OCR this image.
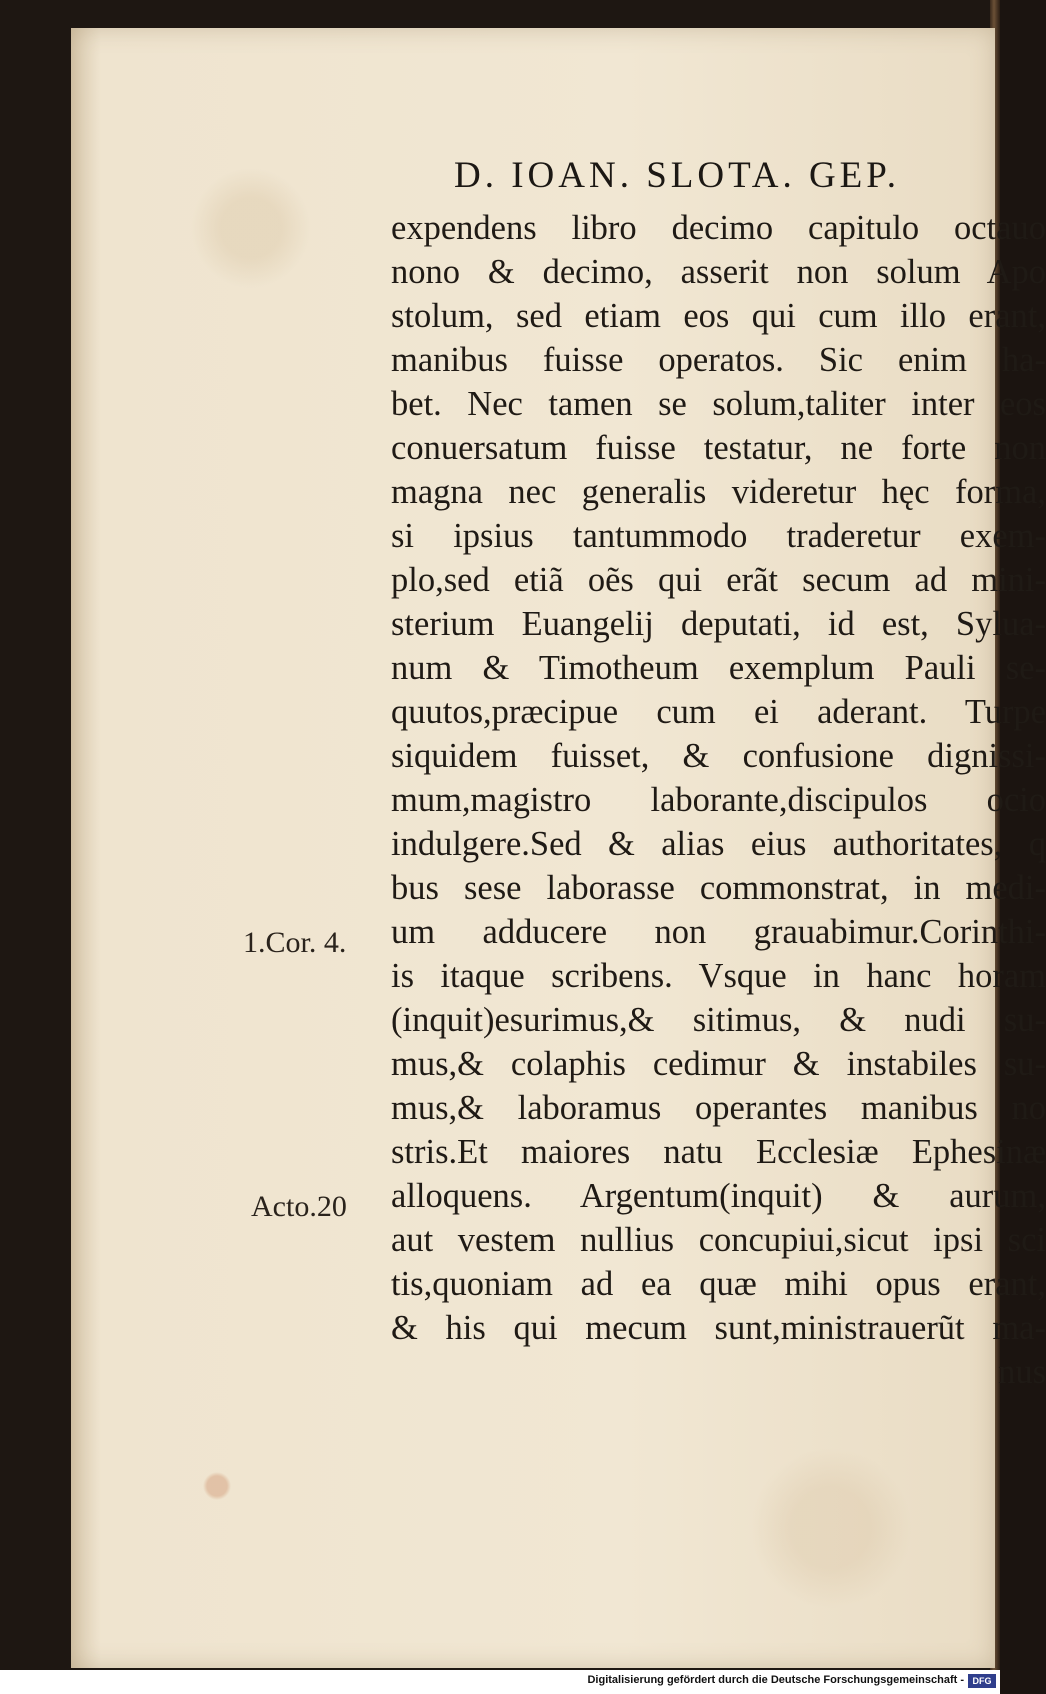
D. IOAN. SLOTA. GEP.
1.Cor. 4.
Acto.20
expendens libro decimo capitulo octauo
nono & decimo, asserit non solum Apo
stolum, sed etiam eos qui cum illo erant,
manibus fuisse operatos. Sic enim ha-
bet. Nec tamen se solum,taliter inter eos
conuersatum fuisse testatur, ne forte non
magna nec generalis videretur hęc forma,
si ipsius tantummodo traderetur exem-
plo,sed etiã oẽs qui erãt secum ad mini-
sterium Euangelij deputati, id est, Sylua-
num & Timotheum exemplum Pauli se-
quutos,præcipue cum ei aderant. Turpe
siquidem fuisset, & confusione dignissi-
mum,magistro laborante,discipulos ocio
indulgere.Sed & alias eius authoritates, q
bus sese laborasse commonstrat, in medi-
um adducere non grauabimur.Corinthi-
is itaque scribens. Vsque in hanc horam
(inquit)esurimus,& sitimus, & nudi su-
mus,& colaphis cedimur & instabiles su-
mus,& laboramus operantes manibus no
stris.Et maiores natu Ecclesiæ Ephesinæ
alloquens. Argentum(inquit) & aurum,
aut vestem nullius concupiui,sicut ipsi sci
tis,quoniam ad ea quæ mihi opus erant,
& his qui mecum sunt,ministrauerũt ma-
nus
Digitalisierung gefördert durch die Deutsche Forschungsgemeinschaft - DFG
